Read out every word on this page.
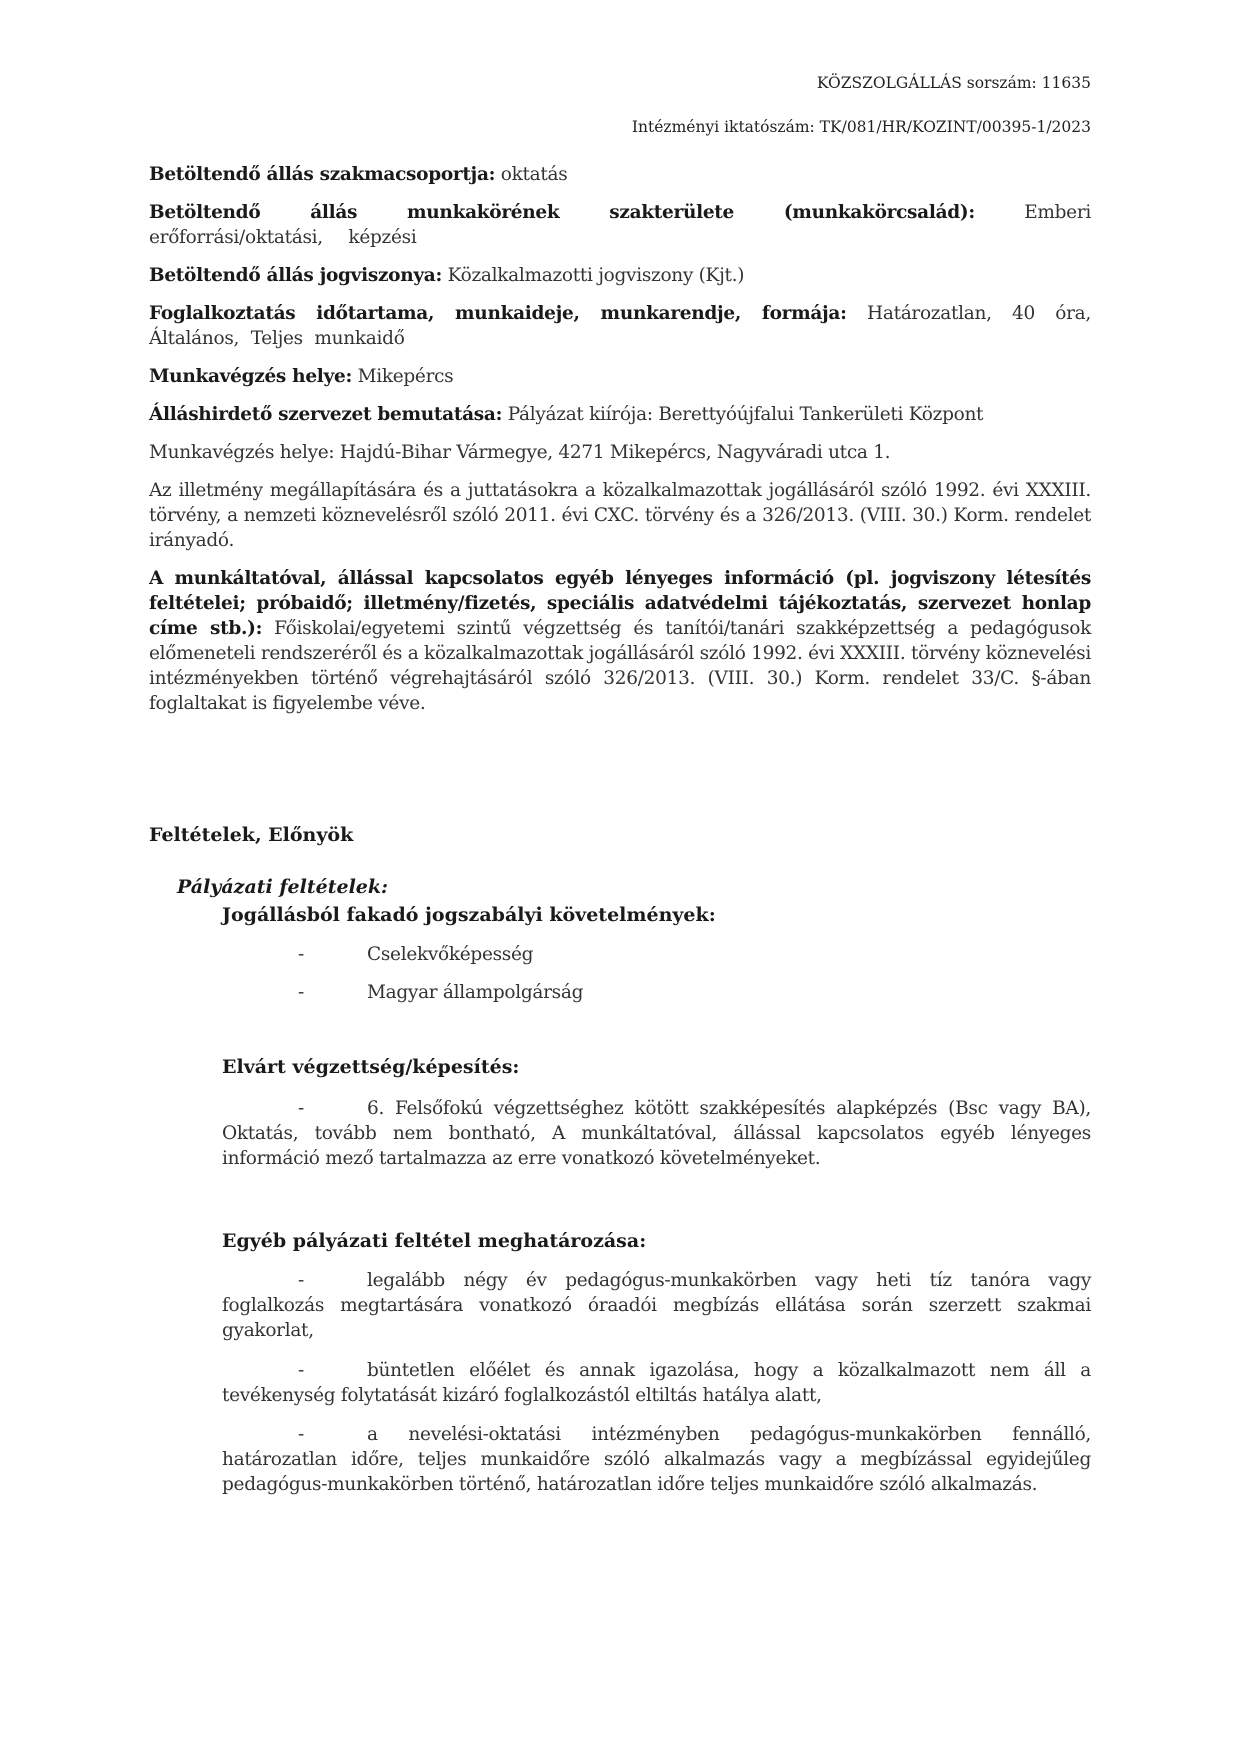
KÖZSZOLGÁLLÁS sorszám: 11635
Intézményi iktatószám: TK/081/HR/KOZINT/00395-1/2023

Betöltendő állás szakmacsoportja: oktatás

Betöltendő állás munkakörének szakterülete (munkakörcsalád): Emberi erőforrási/oktatási, képzési

Betöltendő állás jogviszonya: Közalkalmazotti jogviszony (Kjt.)

Foglalkoztatás időtartama, munkaideje, munkarendje, formája: Határozatlan, 40 óra, Általános, Teljes munkaidő

Munkavégzés helye: Mikepércs

Álláshirdető szervezet bemutatása: Pályázat kiírója: Berettyóújfalui Tankerületi Központ

Munkavégzés helye: Hajdú-Bihar Vármegye, 4271 Mikepércs, Nagyváradi utca 1.

Az illetmény megállapítására és a juttatásokra a közalkalmazottak jogállásáról szóló 1992. évi XXXIII. törvény, a nemzeti köznevelésről szóló 2011. évi CXC. törvény és a 326/2013. (VIII. 30.) Korm. rendelet irányadó.

A munkáltatóval, állással kapcsolatos egyéb lényeges információ (pl. jogviszony létesítés feltételei; próbaidő; illetmény/fizetés, speciális adatvédelmi tájékoztatás, szervezet honlap címe stb.): Főiskolai/egyetemi szintű végzettség és tanítói/tanári szakképzettség a pedagógusok előmeneteli rendszeréről és a közalkalmazottak jogállásáról szóló 1992. évi XXXIII. törvény köznevelési intézményekben történő végrehajtásáról szóló 326/2013. (VIII. 30.) Korm. rendelet 33/C. §-ában foglaltakat is figyelembe véve.

Feltételek, Előnyök
Pályázati feltételek:
Jogállásból fakadó jogszabályi követelmények:
-	Cselekvőképesség
-	Magyar állampolgárság
Elvárt végzettség/képesítés:
-	6. Felsőfokú végzettséghez kötött szakképesítés alapképzés (Bsc vagy BA), Oktatás, tovább nem bontható, A munkáltatóval, állással kapcsolatos egyéb lényeges információ mező tartalmazza az erre vonatkozó követelményeket.
Egyéb pályázati feltétel meghatározása:
-	legalább négy év pedagógus-munkakörben vagy heti tíz tanóra vagy foglalkozás megtartására vonatkozó óraadói megbízás ellátása során szerzett szakmai gyakorlat,
-	büntetlen előélet és annak igazolása, hogy a közalkalmazott nem áll a tevékenység folytatását kizáró foglalkozástól eltiltás hatálya alatt,
-	a nevelési-oktatási intézményben pedagógus-munkakörben fennálló, határozatlan időre, teljes munkaidőre szóló alkalmazás vagy a megbízással egyidejűleg pedagógus-munkakörben történő, határozatlan időre teljes munkaidőre szóló alkalmazás.
